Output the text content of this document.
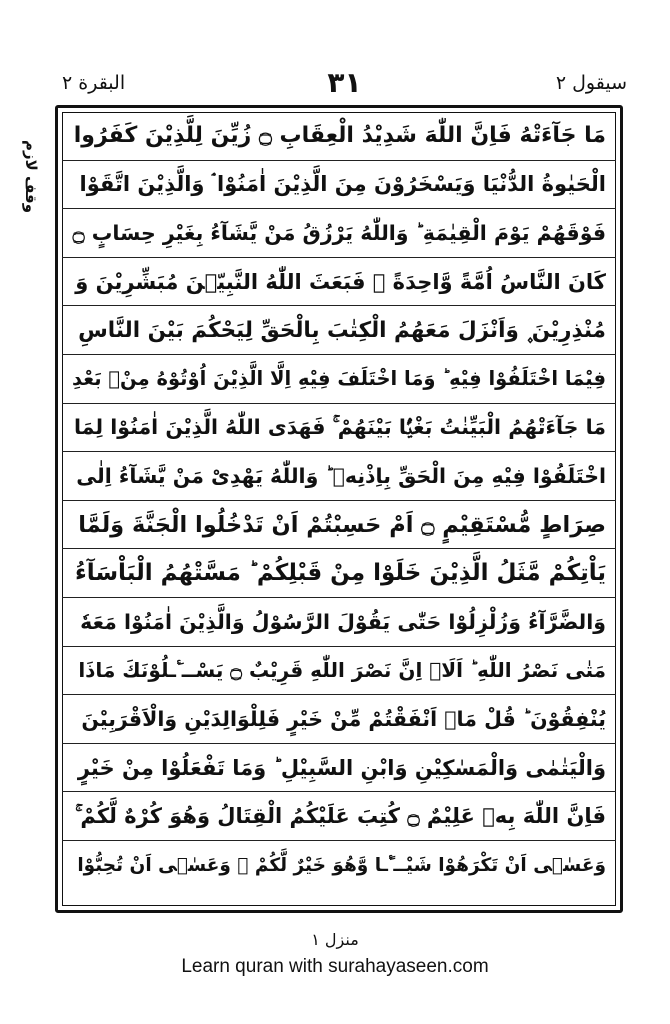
البقرة ٢	٣١	سیقول ٢
وقف لازم
مَا جَآءَتْهُ فَاِنَّ اللّٰهَ شَدِیْدُ الْعِقَابِ ۝ زُیِّنَ لِلَّذِیْنَ كَفَرُوا
الْحَیٰوةُ الدُّنْیَا وَیَسْخَرُوْنَ مِنَ الَّذِیْنَ اٰمَنُوْا ۘ وَالَّذِیْنَ اتَّقَوْا
فَوْقَهُمْ یَوْمَ الْقِیٰمَةِ ؕ وَاللّٰهُ یَرْزُقُ مَنْ یَّشَآءُ بِغَیْرِ حِسَابٍ ۝
كَانَ النَّاسُ اُمَّةً وَّاحِدَةً ۫ فَبَعَثَ اللّٰهُ النَّبِیّٖنَ مُبَشِّرِیْنَ وَ
مُنْذِرِیْنَ ۪ وَاَنْزَلَ مَعَهُمُ الْكِتٰبَ بِالْحَقِّ لِیَحْكُمَ بَیْنَ النَّاسِ
فِیْمَا اخْتَلَفُوْا فِیْهِ ؕ وَمَا اخْتَلَفَ فِیْهِ اِلَّا الَّذِیْنَ اُوْتُوْهُ مِنْۢ بَعْدِ
مَا جَآءَتْهُمُ الْبَیِّنٰتُ بَغْیًۢا بَیْنَهُمْ ۚ فَهَدَى اللّٰهُ الَّذِیْنَ اٰمَنُوْا لِمَا
اخْتَلَفُوْا فِیْهِ مِنَ الْحَقِّ بِاِذْنِهٖ ؕ وَاللّٰهُ یَهْدِیْ مَنْ یَّشَآءُ اِلٰى
صِرَاطٍ مُّسْتَقِیْمٍ ۝ اَمْ حَسِبْتُمْ اَنْ تَدْخُلُوا الْجَنَّةَ وَلَمَّا
یَاْتِكُمْ مَّثَلُ الَّذِیْنَ خَلَوْا مِنْ قَبْلِكُمْ ؕ مَسَّتْهُمُ الْبَاْسَآءُ
وَالضَّرَّآءُ وَزُلْزِلُوْا حَتّٰى یَقُوْلَ الرَّسُوْلُ وَالَّذِیْنَ اٰمَنُوْا مَعَهٗ
مَتٰى نَصْرُ اللّٰهِ ؕ اَلَاۤ اِنَّ نَصْرَ اللّٰهِ قَرِیْبٌ ۝ یَسْــٴَـلُوْنَكَ مَاذَا
یُنْفِقُوْنَ ؕ قُلْ مَاۤ اَنْفَقْتُمْ مِّنْ خَیْرٍ فَلِلْوَالِدَیْنِ وَالْاَقْرَبِیْنَ
وَالْیَتٰمٰى وَالْمَسٰكِیْنِ وَابْنِ السَّبِیْلِ ؕ وَمَا تَفْعَلُوْا مِنْ خَیْرٍ
فَاِنَّ اللّٰهَ بِهٖ عَلِیْمٌ ۝ كُتِبَ عَلَیْكُمُ الْقِتَالُ وَهُوَ كُرْهٌ لَّكُمْ ۚ
وَعَسٰۤى اَنْ تَكْرَهُوْا شَیْــٴًـا وَّهُوَ خَیْرٌ لَّكُمْ ۚ وَعَسٰۤى اَنْ تُحِبُّوْا
منزل ١
Learn quran with surahayaseen.com
